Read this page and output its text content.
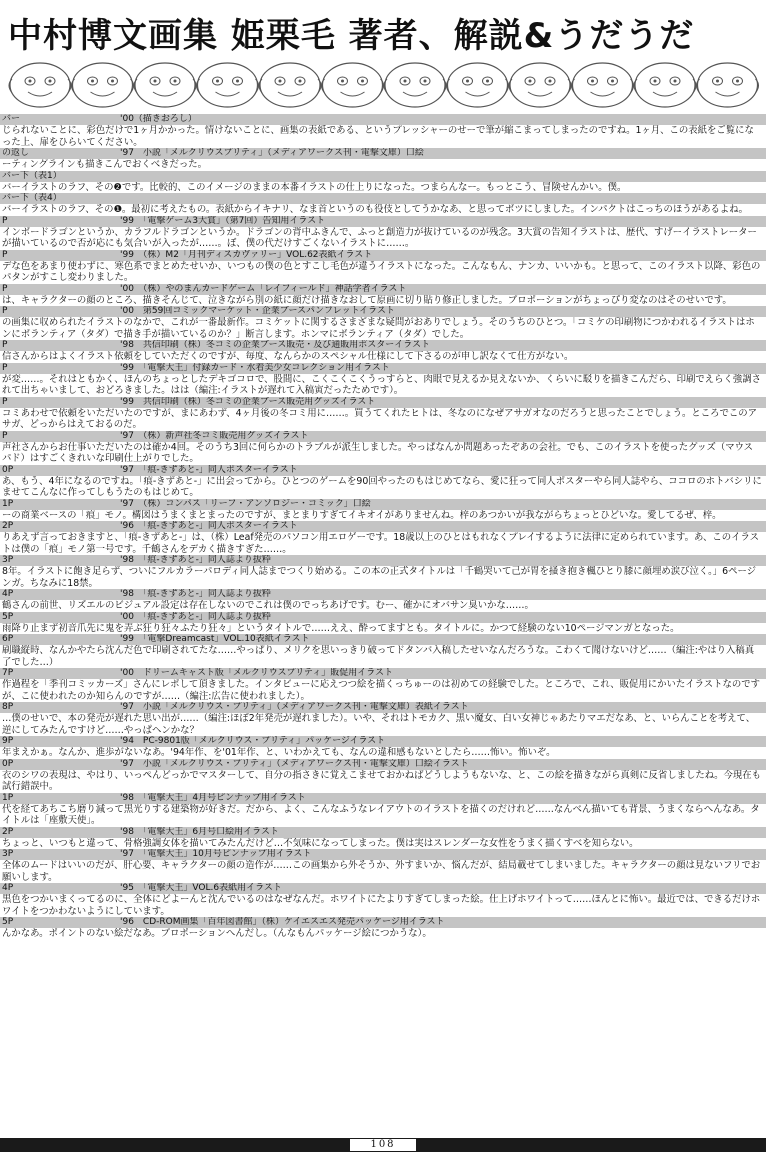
中村博文画集 姫栗毛 著者、解説&うだうだ
バー	'00（描きおろし）
じられないことに、彩色だけで1ヶ月かかった。情けないことに、画集の表紙である、というプレッシャーのせーで筆が縮こまってしまったのですね。1ヶ月、この表紙をご覧になった上、扉をひらいてください。
の返し	'97　小説「メルクリウスプリティ」（メディアワークス刊・電撃文庫）口絵
ーティングラインも描きこんでおくべきだった。
バー下（表1）
バーイラストのラフ、その❷です。比較的、このイメージのままの本番イラストの仕上りになった。つまらんなー。もっとこう、冒険せんかい。僕。
バー下（表4）
バーイラストのラフ、その❶。最初に考えたもの。表紙からイキナリ、なま首というのも役伎としてうかなあ、と思ってボツにしました。インパクトはこっちのほうがあるよね。
P	'99　「電撃ゲーム3大賞」（第7回）告知用イラスト
インボードラゴンというか、カラフルドラゴンというか。ドラゴンの背中ふきんで、ふっと創造力が抜けているのが残念。3大賞の告知イラストは、歴代、すげーイラストレーターが描いているので否が応にも気合いが入ったが……。ぼ、僕の代だけすごくないイラストに……。
P	'99　（株）M2「月刊ディスカヴァリー」VOL.62表紙イラスト
デな色をあまり使わずに、寒色系でまとめたせいか、いつもの僕の色とすこし毛色が違うイラストになった。こんなもん、ナンカ、いいかも。と思って、このイラスト以降、彩色のパタンがすこし変わりました。
P	'00　（株）やのまんカードゲーム「レイフィールド」神話学者イラスト
は、キャラクターの顔のところ、描きそんじて、泣きながら別の紙に顔だけ描きなおして原画に切り貼り修正しました。プロポーションがちょっぴり変なのはそのせいです。
P	'00　第59回コミックマーケット・企業ブースパンフレットイラスト
の画集に収められたイラストのなかで、これが一番最新作。コミケットに関するさまざまな疑問がおありでしょう。そのうちのひとつ。「コミケの印刷物につかわれるイラストはホンにボランティア（タダ）で描き手が描いているのか？」断言します。ホンマにボランティア（タダ）でした。
P	'98　共信印刷（株）冬コミの企業ブース販売・及び通販用ポスターイラスト
信さんからはよくイラスト依頼をしていただくのですが、毎度、なんらかのスペシャル仕様にして下さるのが申し訳なくて仕方がない。
P	'99　「電撃大王」付録カード・水着美少女コレクション用イラスト
が変……。それはともかく、ほんのちょっとしたデキゴコロで、股間に、こくこくこくうっすらと、肉眼で見えるか見えないか、くらいに駁りを描きこんだら、印刷でえらく強調されて出ちゃいまして、おどろきました。はは（編注:イラストが遅れて入稿寅だったためです）。
P	'99　共信印刷（株）冬コミの企業ブース販売用グッズイラスト
コミあわせで依頼をいただいたのですが、まにあわず、4ヶ月後の冬コミ用に……。買うてくれたヒトは、冬なのになぜアサガオなのだろうと思ったことでしょう。ところでこのアサガ、どっからはえておるのだ。
P	'97　（株）新声社冬コミ販売用グッズイラスト
声社さんからお仕事いただいたのは確か4回。そのうち3回に何らかのトラブルが派生しました。やっぱなんか問題あったぞあの会社。でも、このイラストを使ったグッズ（マウスパド）はすごくきれいな印刷仕上がりでした。
0P	'97　「痕-きずあと-」同人ポスターイラスト
あ、もう、4年になるのですね。「痕-きずあと-」に出会ってから。ひとつのゲームを90回やったのもはじめてなら、愛に狂って同人ポスターやら同人誌やら、ココロのホトバシリにませてこんなに作ってしもうたのもはじめて。
1P	'97　（株）コンパス「リーフ・アンソロジー・コミック」口絵
ーの商業ベースの「痕」モノ。構図はうまくまとまったのですが、まとまりすぎてイキオイがありませんね。梓のあつかいが我ながらちょっとひどいな。愛してるぜ、梓。
2P	'96　「痕-きずあと-」同人ポスターイラスト
りあえず言っておきますと、「痕-きずあと-」は、（株）Leaf発売のパソコン用エロゲーです。18歳以上のひとはもれなくプレイするように法律に定められています。あ、このイラストは僕の「痕」モノ第一号です。千鶴さんをデカく描きすぎた……。
3P	'98　「痕-きずあと-」同人誌より抜粋
8年。イラストに飽き足らず、ついにフルカラーパロディ同人誌までつくり始める。この本の正式タイトルは「千鶴哭いて己が胃を掻き抱き楓ひとり膝に顔埋め涙び泣く。」6ページンガ。ちなみに18禁。
4P	'98　「痕-きずあと-」同人誌より抜粋
鶴さんの前世、リズエルのビジュアル設定は存在しないのでこれは僕のでっちあげです。むー、確かにオバサン臭いかな……。
5P	'00　「痕-きずあと-」同人誌より抜粋
雨降り止まず初音爪先に鬼を弄ぶ狂り狂々ふたり狂々」というタイトルで……ええ、酔ってますとも。タイトルに。かつて経験のない10ページマンガとなった。
6P	'99　「電撃Dreamcast」VOL.10表紙イラスト
刷職縦時、なんかやたら沈んだ色で印刷されてたな……やっぱり、メリクを思いっきり破ってドタンバ入稿したせいなんだろうな。こわくて聞けないけど……（編注:やはり入稿真了でした…）
7P	'00　ドリームキャスト版「メルクリウスプリティ」販促用イラスト
作過程を「季刊コミッカーズ」さんにレポして頂きました。インタビューに応えつつ絵を描くっちゅーのは初めての経験でした。ところで、これ、販促用にかいたイラストなのですが、こに使われたのか知らんのですが……（編注:広告に使われました）。
8P	'97　小説「メルクリウス・プリティ」（メディアワークス刊・電撃文庫）表紙イラスト
…僕のせいで、本の発売が遅れた思い出が……（編注:ほぼ2年発売が遅れました）。いや、それはトモカク、黒い魔女、白い女神じゃあたりマエだなあ、と、いらんことを考えて、逆にしてみたんですけど……やっぱヘンかな？
9P	'94　PC-9801版「メルクリウス・プリティ」パッケージイラスト
年まえかぁ。なんか、進歩がないなあ。'94年作、を'01年作、と、いわかえても、なんの違和感もないとしたら……怖い。怖いぞ。
0P	'97　小説「メルクリウス・プリティ」（メディアワークス刊・電撃文庫）口絵イラスト
衣のシワの表現は、やはり、いっぺんどっかでマスターして、自分の指さきに覚えこませておかねばどうしようもないな、と、この絵を描きながら真剣に反省しましたね。今現在も試行錯誤中。
1P	'98　「電撃大王」4月号ピンナップ用イラスト
代を経てあちこち磨り減って黒光りする建築物が好きだ。だから、よく、こんなふうなレイアウトのイラストを描くのだけれど……なんべん描いても背景、うまくならへんなあ。タイトルは「座敷天使」。
2P	'98　「電撃大王」6月号口絵用イラスト
ちょっと、いつもと違って、骨格強調女体を描いてみたんだけど…不気味になってしまった。僕は実はスレンダーな女性をうまく描くすべを知らない。
3P	'97　「電撃大王」10月号ピンナップ用イラスト
全体のムードはいいのだが、肝心要、キャラクターの顔の造作が……この画集から外そうか、外すまいか、悩んだが、結局載せてしまいました。キャラクターの顔は見ないフリでお願いします。
4P	'95　「電撃大王」VOL.6表紙用イラスト
黒色をつかいまくってるのに、全体にどよーんと沈んでいるのはなぜなんだ。ホワイトにたよりすぎてしまった絵。仕上げホワイトって……ほんとに怖い。最近では、できるだけホワイトをつかわないようにしています。
5P	'96　CD-ROM画集「百年図書館」（株）ケイエスエス発売パッケージ用イラスト
んかなあ。ポイントのない絵だなあ。プロポーションへんだし。（んなもんパッケージ絵につかうな）。
108
